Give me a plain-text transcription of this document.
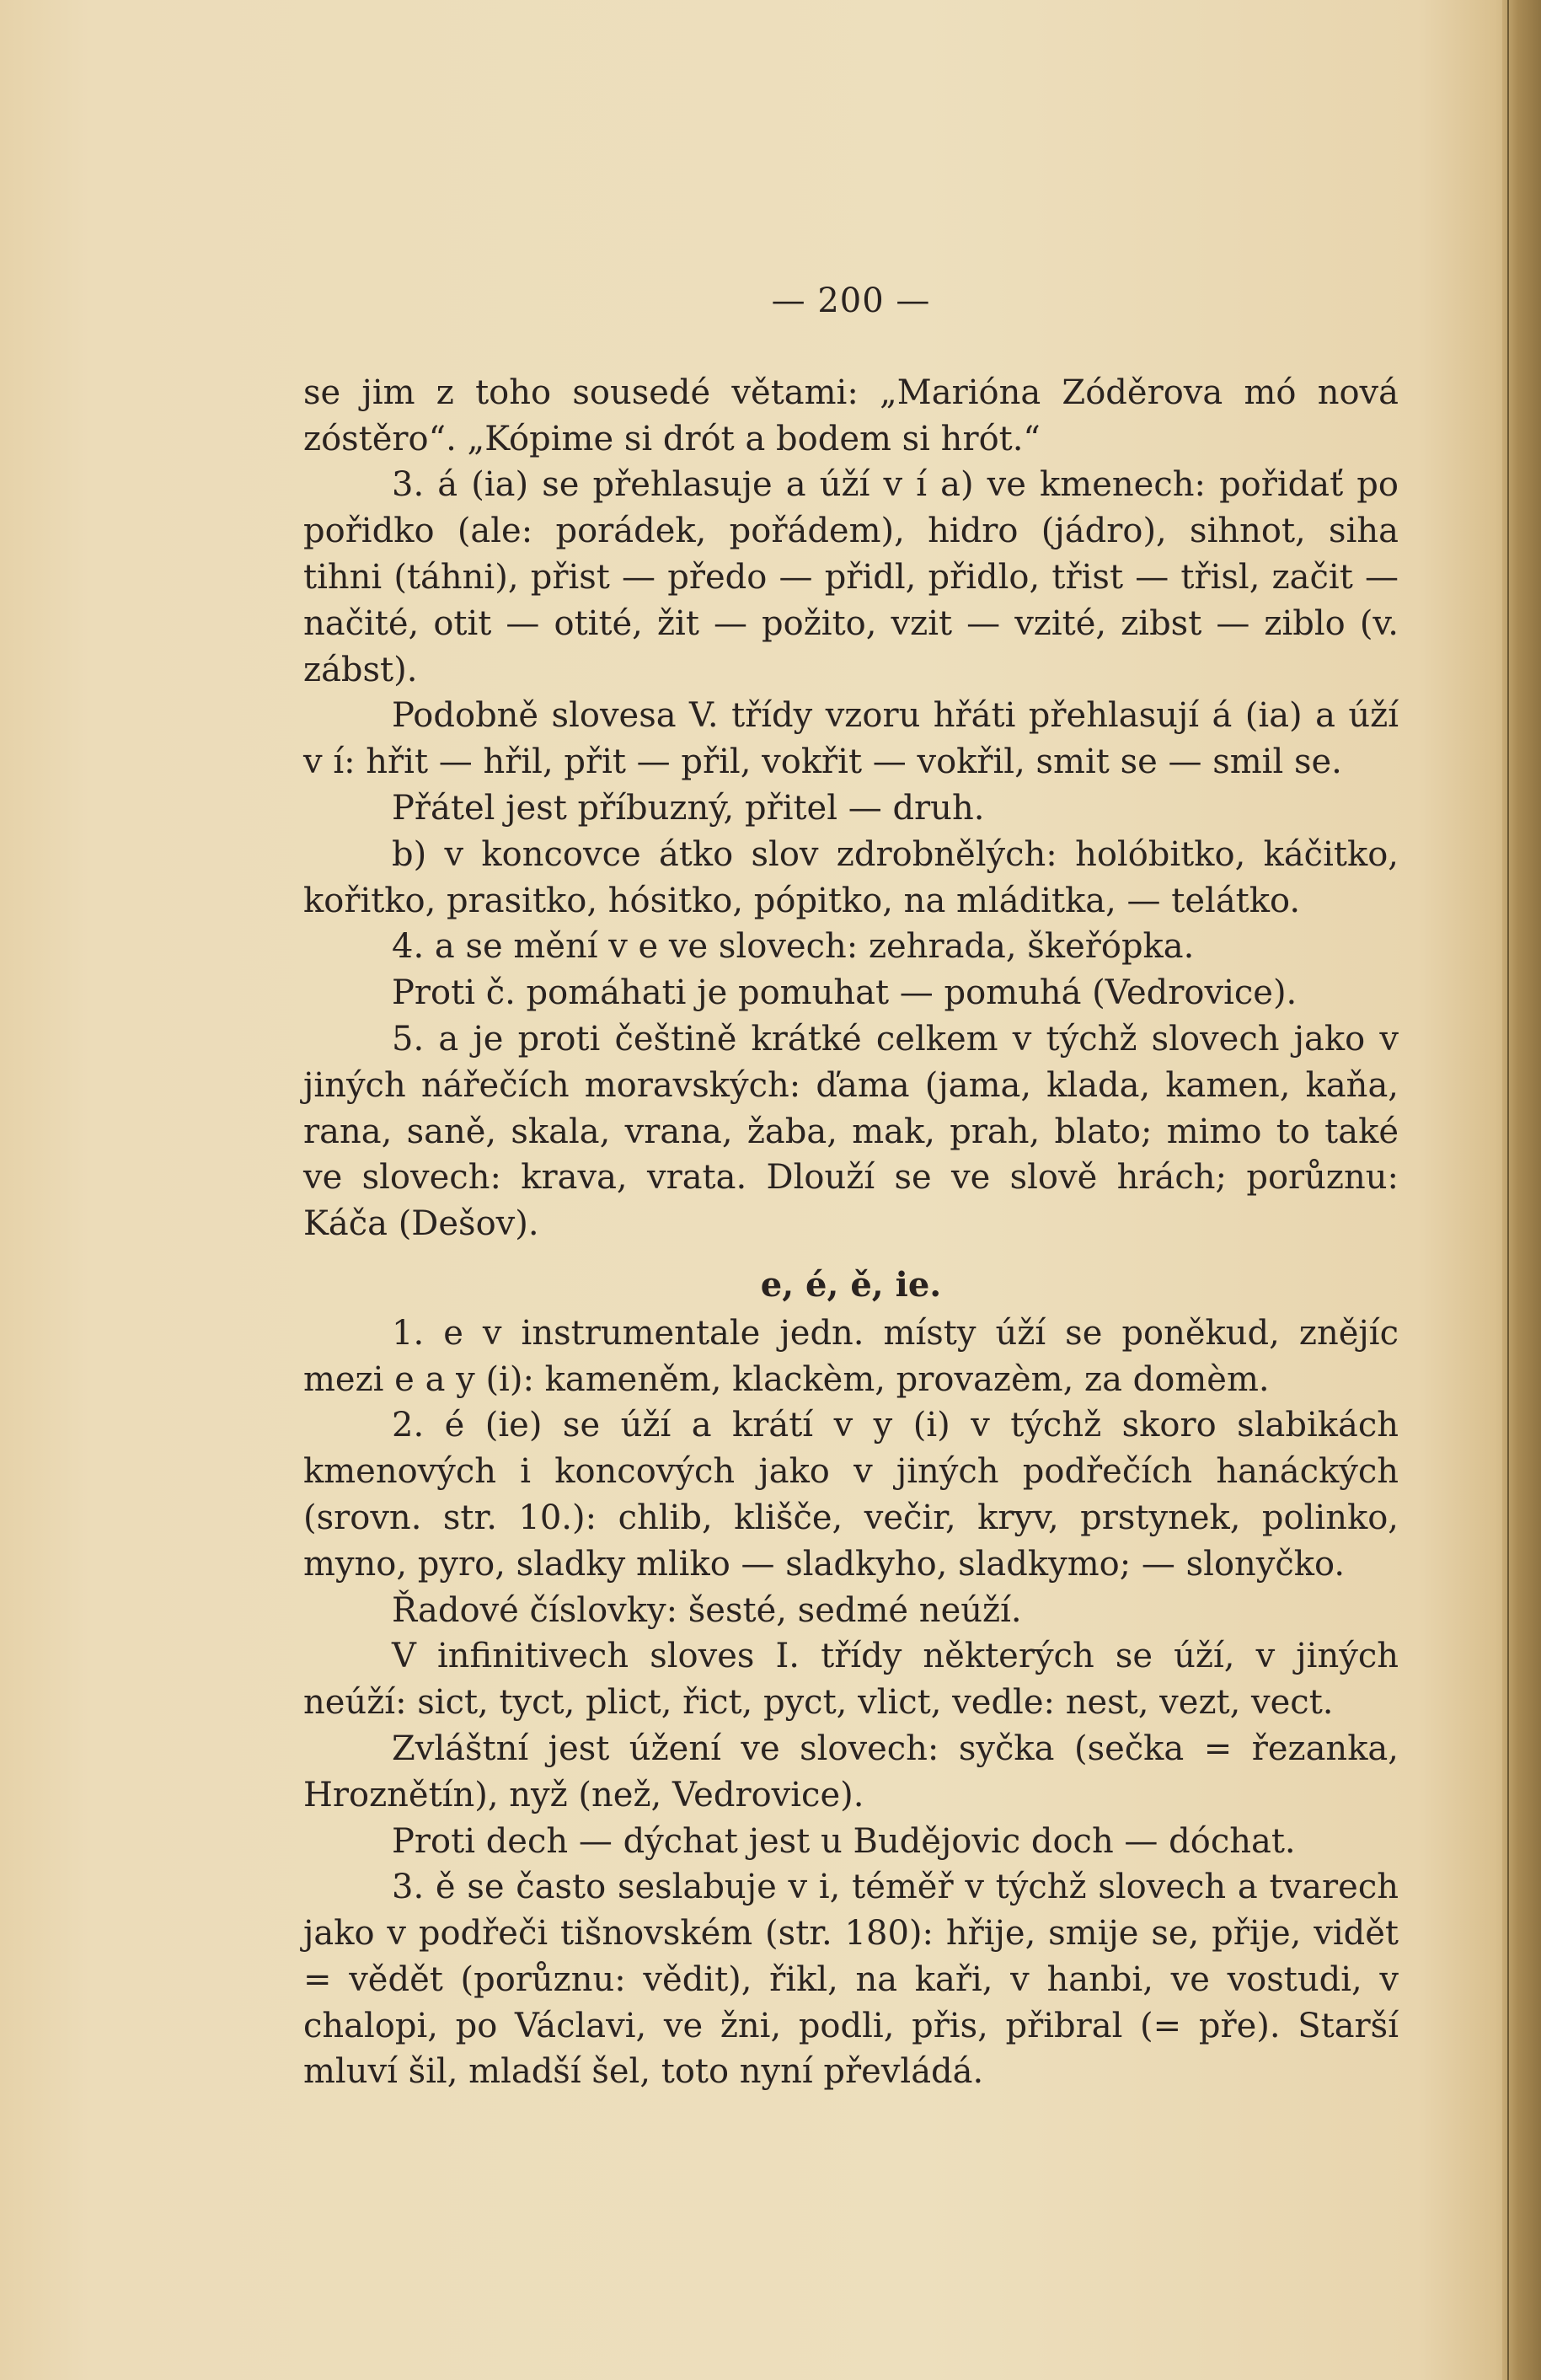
— 200 —

se jim z toho sousedé větami: „Marióna Zóděrova mó nová zóstěro“. „Kópime si drót a bodem si hrót.“

3. á (ia) se přehlasuje a úží v í a) ve kmenech: pořidať po pořidko (ale: porádek, pořádem), hidro (jádro), sihnot, siha tihni (táhni), přist — předo — přidl, přidlo, třist — třisl, začit — načité, otit — otité, žit — požito, vzit — vzité, zibst — ziblo (v. zábst).

Podobně slovesa V. třídy vzoru hřáti přehlasují á (ia) a úží v í: hřit — hřil, přit — přil, vokřit — vokřil, smit se — smil se.

Přátel jest příbuzný, přitel — druh.

b) v koncovce átko slov zdrobnělých: holóbitko, káčitko, kořitko, prasitko, hósitko, pópitko, na mláditka, — telátko.

4. a se mění v e ve slovech: zehrada, škeřópka.

Proti č. pomáhati je pomuhat — pomuhá (Vedrovice).

5. a je proti češtině krátké celkem v týchž slovech jako v jiných nářečích moravských: ďama (jama, klada, kamen, kaňa, rana, saně, skala, vrana, žaba, mak, prah, blato; mimo to také ve slovech: krava, vrata. Dlouží se ve slově hrách; porůznu: Káča (Dešov).

e, é, ě, ie.

1. e v instrumentale jedn. místy úží se poněkud, znějíc mezi e a y (i): kameněm, klackèm, provazèm, za domèm.

2. é (ie) se úží a krátí v y (i) v týchž skoro slabikách kmenových i koncových jako v jiných podřečích hanáckých (srovn. str. 10.): chlib, klišče, večir, kryv, prstynek, polinko, myno, pyro, sladky mliko — sladkyho, sladkymo; — slonyčko.

Řadové číslovky: šesté, sedmé neúží.

V infinitivech sloves I. třídy některých se úží, v jiných neúží: sict, tyct, plict, řict, pyct, vlict, vedle: nest, vezt, vect.

Zvláštní jest úžení ve slovech: syčka (sečka = řezanka, Hroznětín), nyž (než, Vedrovice).

Proti dech — dýchat jest u Budějovic doch — dóchat.

3. ě se často seslabuje v i, téměř v týchž slovech a tvarech jako v podřeči tišnovském (str. 180): hřije, smije se, přije, vidět = vědět (porůznu: vědit), řikl, na kaři, v hanbi, ve vostudi, v chalopi, po Václavi, ve žni, podli, přis, přibral (= pře). Starší mluví šil, mladší šel, toto nyní převládá.
